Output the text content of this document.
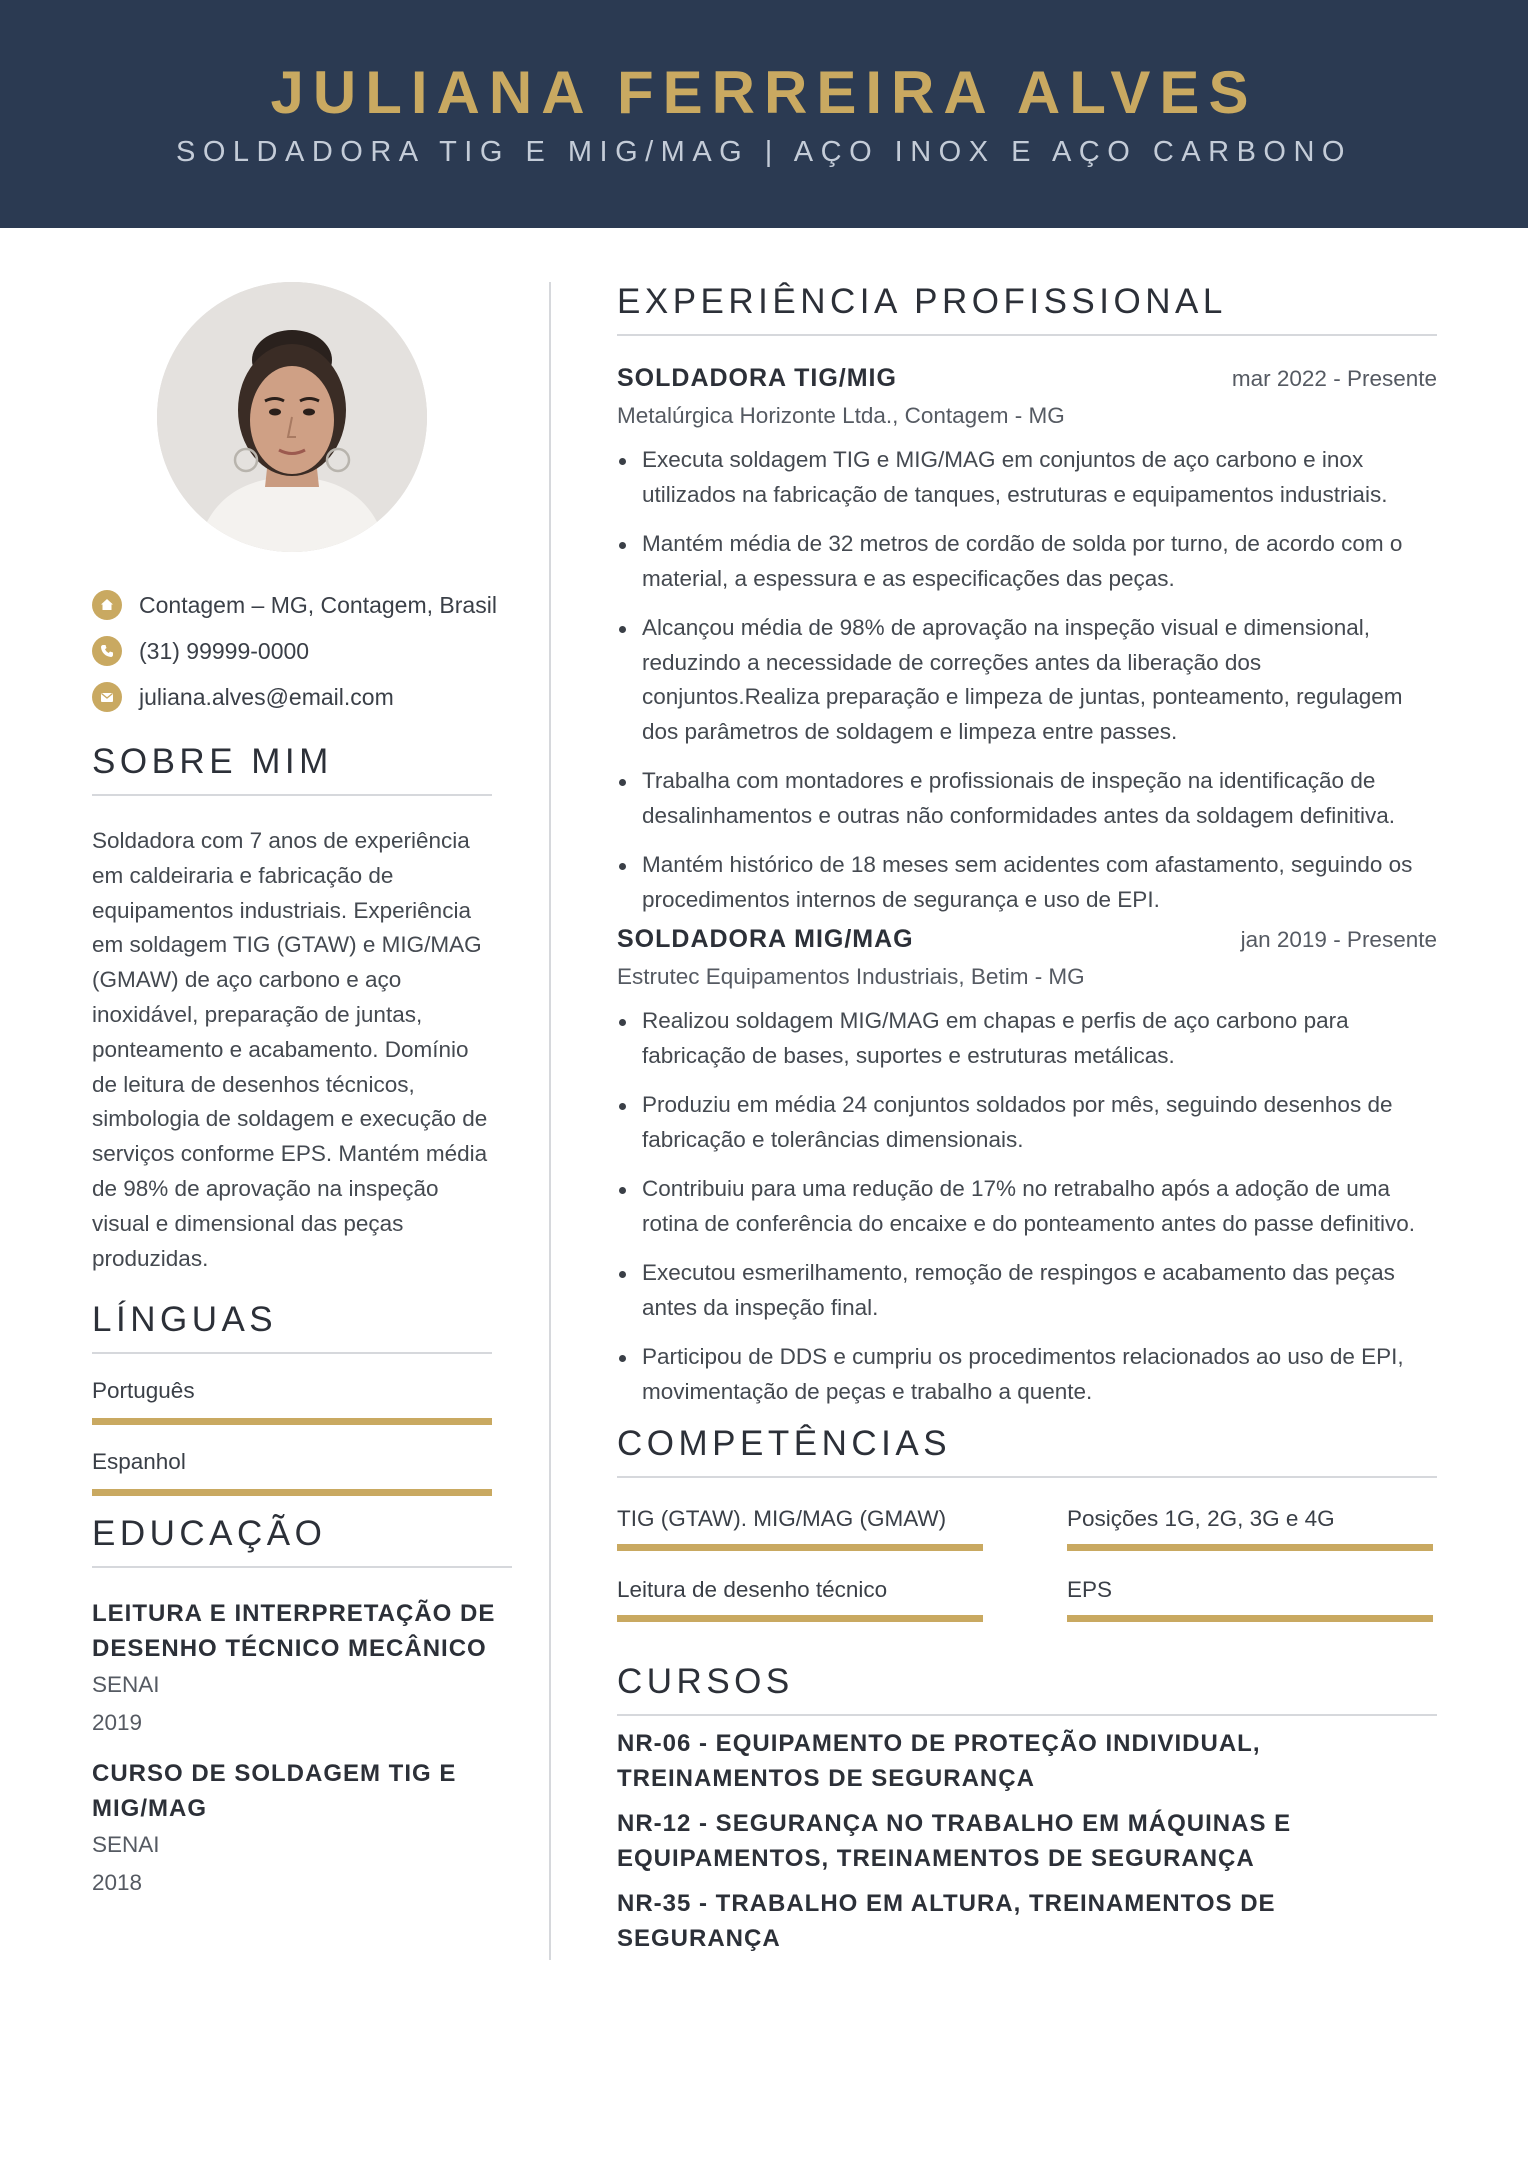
JULIANA FERREIRA ALVES
SOLDADORA TIG E MIG/MAG | AÇO INOX E AÇO CARBONO
Contagem – MG, Contagem, Brasil
(31) 99999-0000
juliana.alves@email.com
SOBRE MIM
Soldadora com 7 anos de experiência em caldeiraria e fabricação de equipamentos industriais. Experiência em soldagem TIG (GTAW) e MIG/MAG (GMAW) de aço carbono e aço inoxidável, preparação de juntas, ponteamento e acabamento. Domínio de leitura de desenhos técnicos, simbologia de soldagem e execução de serviços conforme EPS. Mantém média de 98% de aprovação na inspeção visual e dimensional das peças produzidas.
LÍNGUAS
Português
Espanhol
EDUCAÇÃO
LEITURA E INTERPRETAÇÃO DE DESENHO TÉCNICO MECÂNICO
SENAI
2019
CURSO DE SOLDAGEM TIG E MIG/MAG
SENAI
2018
EXPERIÊNCIA PROFISSIONAL
SOLDADORA TIG/MIG	mar 2022 - Presente
Metalúrgica Horizonte Ltda., Contagem - MG
Executa soldagem TIG e MIG/MAG em conjuntos de aço carbono e inox utilizados na fabricação de tanques, estruturas e equipamentos industriais.
Mantém média de 32 metros de cordão de solda por turno, de acordo com o material, a espessura e as especificações das peças.
Alcançou média de 98% de aprovação na inspeção visual e dimensional, reduzindo a necessidade de correções antes da liberação dos conjuntos.Realiza preparação e limpeza de juntas, ponteamento, regulagem dos parâmetros de soldagem e limpeza entre passes.
Trabalha com montadores e profissionais de inspeção na identificação de desalinhamentos e outras não conformidades antes da soldagem definitiva.
Mantém histórico de 18 meses sem acidentes com afastamento, seguindo os procedimentos internos de segurança e uso de EPI.
SOLDADORA MIG/MAG	jan 2019 - Presente
Estrutec Equipamentos Industriais, Betim - MG
Realizou soldagem MIG/MAG em chapas e perfis de aço carbono para fabricação de bases, suportes e estruturas metálicas.
Produziu em média 24 conjuntos soldados por mês, seguindo desenhos de fabricação e tolerâncias dimensionais.
Contribuiu para uma redução de 17% no retrabalho após a adoção de uma rotina de conferência do encaixe e do ponteamento antes do passe definitivo.
Executou esmerilhamento, remoção de respingos e acabamento das peças antes da inspeção final.
Participou de DDS e cumpriu os procedimentos relacionados ao uso de EPI, movimentação de peças e trabalho a quente.
COMPETÊNCIAS
TIG (GTAW). MIG/MAG (GMAW)	Posições 1G, 2G, 3G e 4G
Leitura de desenho técnico	EPS
CURSOS
NR-06 - EQUIPAMENTO DE PROTEÇÃO INDIVIDUAL, TREINAMENTOS DE SEGURANÇA
NR-12 - SEGURANÇA NO TRABALHO EM MÁQUINAS E EQUIPAMENTOS, TREINAMENTOS DE SEGURANÇA
NR-35 - TRABALHO EM ALTURA, TREINAMENTOS DE SEGURANÇA
